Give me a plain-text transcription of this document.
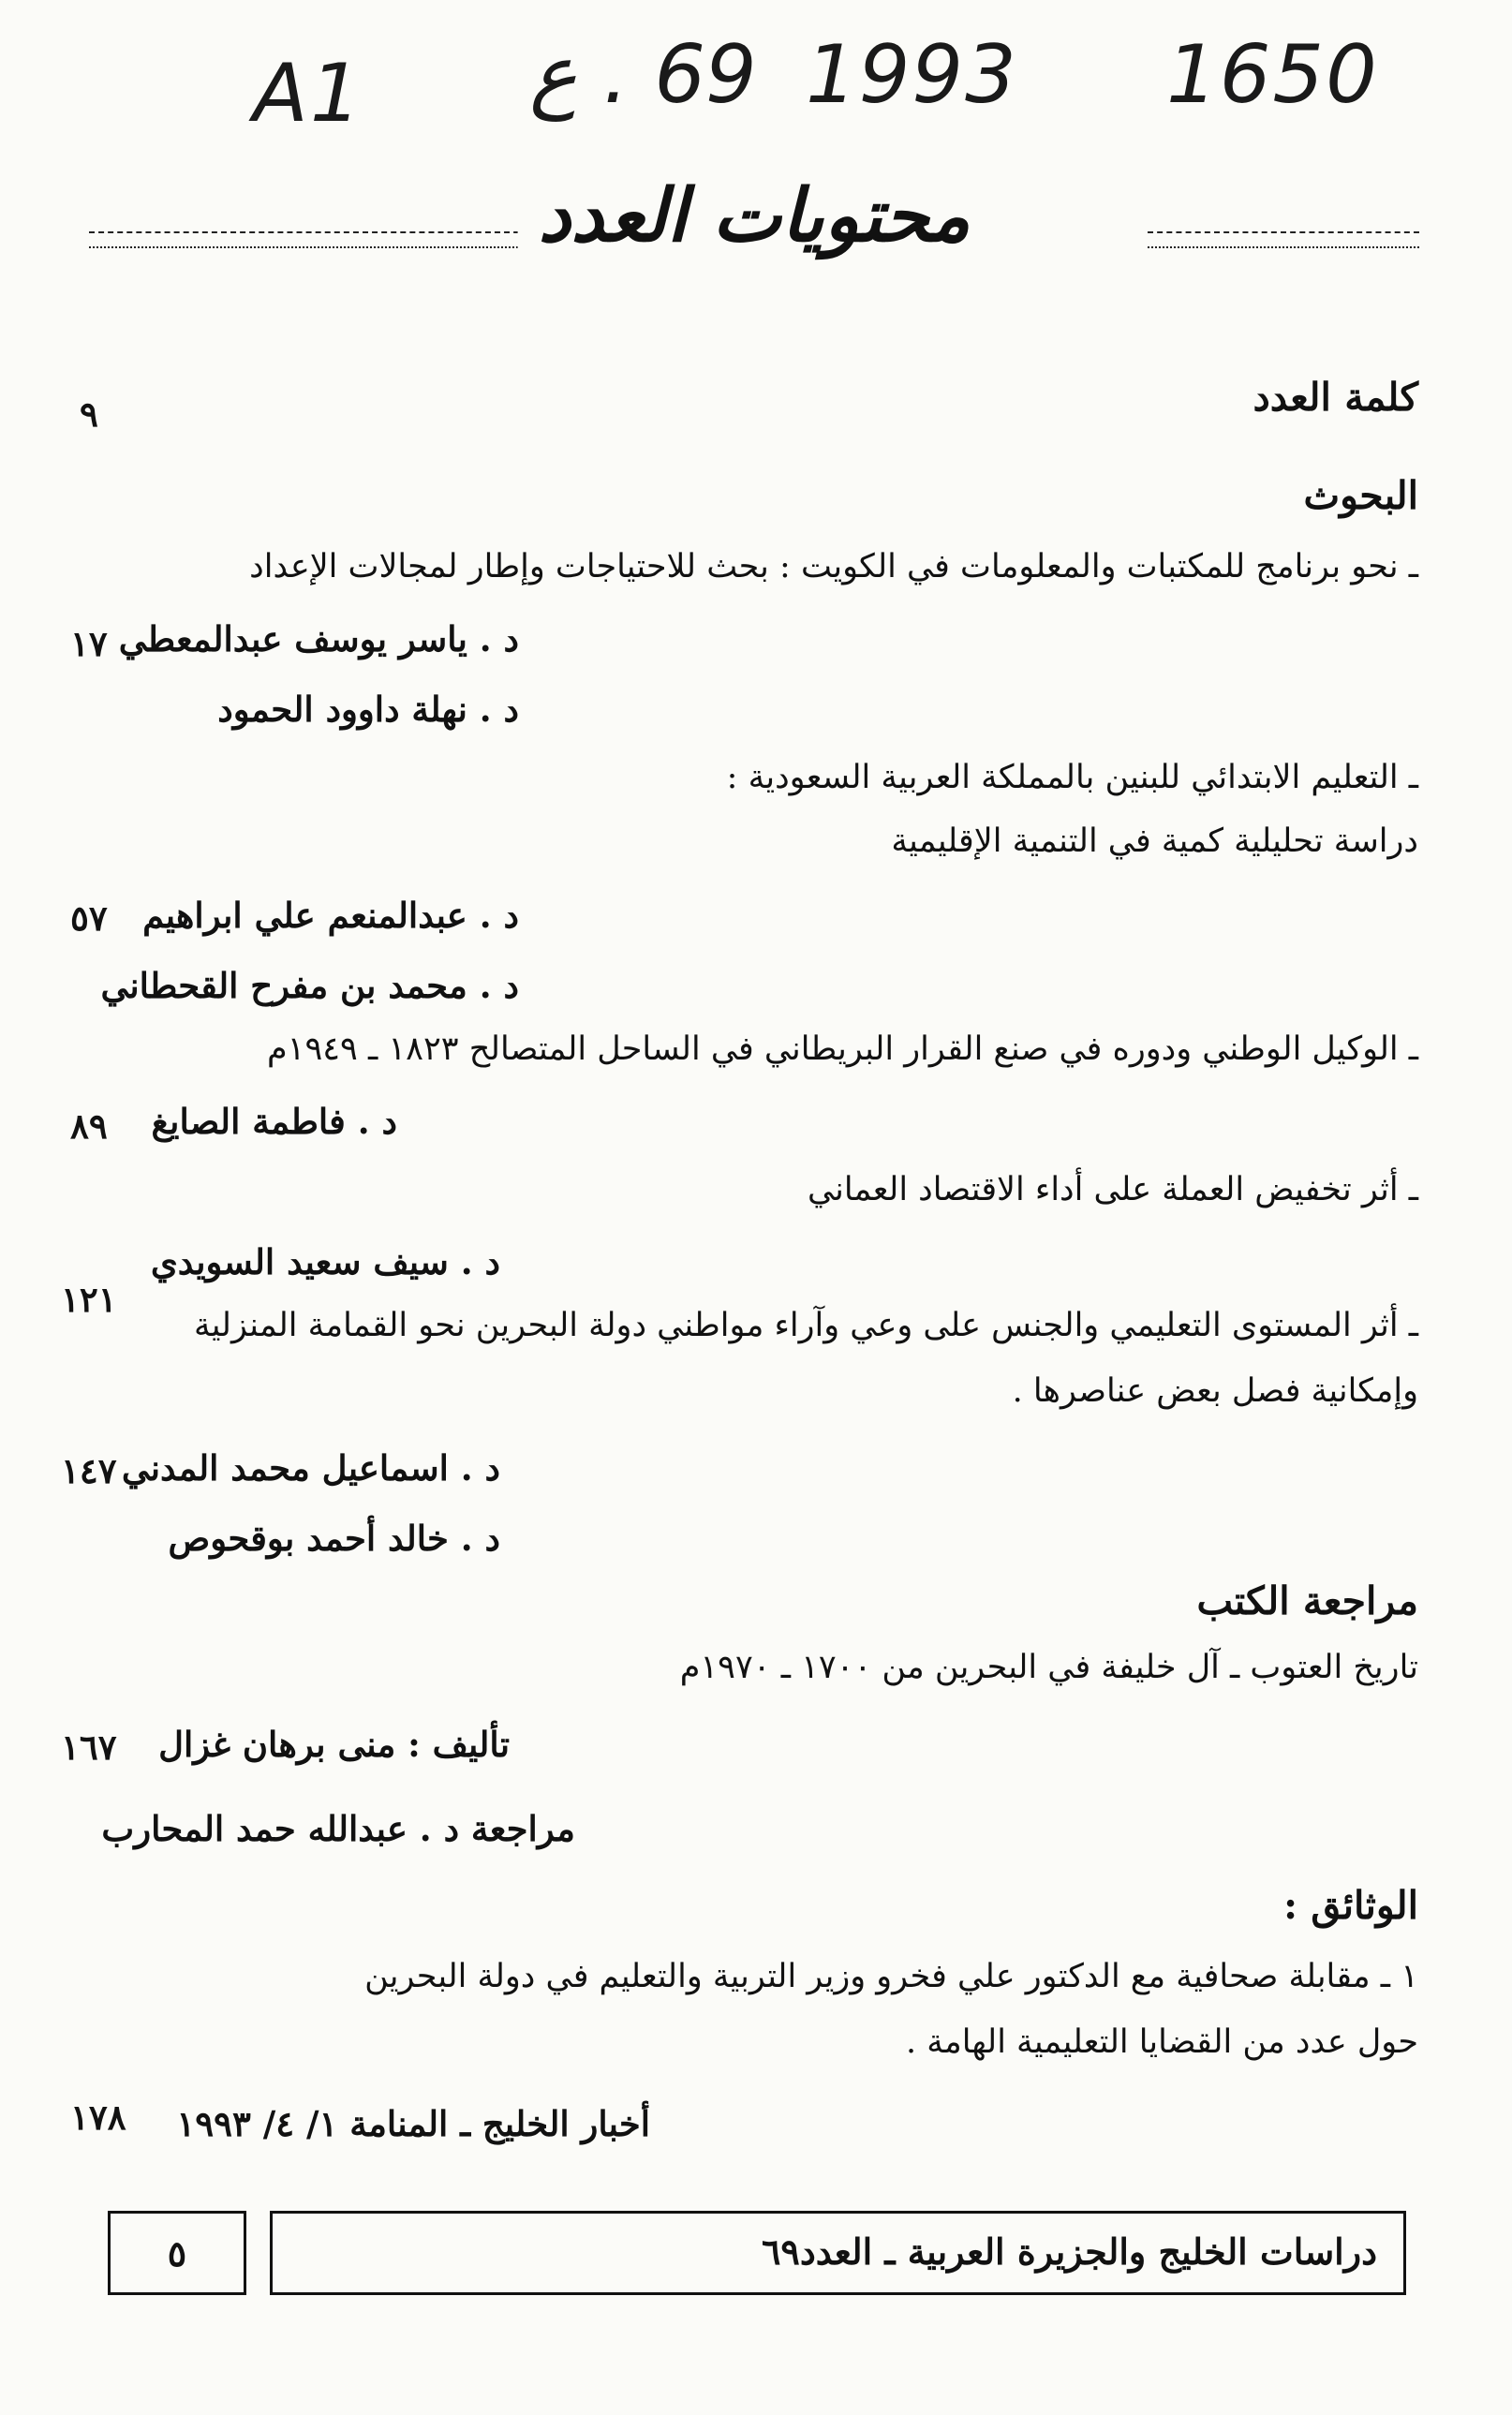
1650
1993
69 . ع
A1
محتويات العدد
كلمة العدد
٩
البحوث
ـ نحو برنامج للمكتبات والمعلومات في الكويت : بحث للاحتياجات وإطار لمجالات الإعداد
د . ياسر يوسف عبدالمعطي
١٧
د . نهلة داوود الحمود
ـ التعليم الابتدائي للبنين بالمملكة العربية السعودية :
دراسة تحليلية كمية في التنمية الإقليمية
د . عبدالمنعم علي ابراهيم
٥٧
د . محمد بن مفرح القحطاني
ـ الوكيل الوطني ودوره في صنع القرار البريطاني في الساحل المتصالح ١٨٢٣ ـ ١٩٤٩م
د . فاطمة الصايغ
٨٩
ـ أثر تخفيض العملة على أداء الاقتصاد العماني
د . سيف سعيد السويدي
١٢١
ـ أثر المستوى التعليمي والجنس على وعي وآراء مواطني دولة البحرين نحو القمامة المنزلية
وإمكانية فصل بعض عناصرها .
د . اسماعيل محمد المدني
١٤٧
د . خالد أحمد بوقحوص
مراجعة الكتب
تاريخ العتوب ـ آل خليفة في البحرين من ١٧٠٠ ـ ١٩٧٠م
تأليف : منى برهان غزال
١٦٧
مراجعة د . عبدالله حمد المحارب
الوثائق :
١ ـ مقابلة صحافية مع الدكتور علي فخرو وزير التربية والتعليم في دولة البحرين
حول عدد من القضايا التعليمية الهامة .
أخبار الخليج ـ المنامة ١/ ٤/ ١٩٩٣
١٧٨
دراسات الخليج والجزيرة العربية ـ العدد٦٩
٥
